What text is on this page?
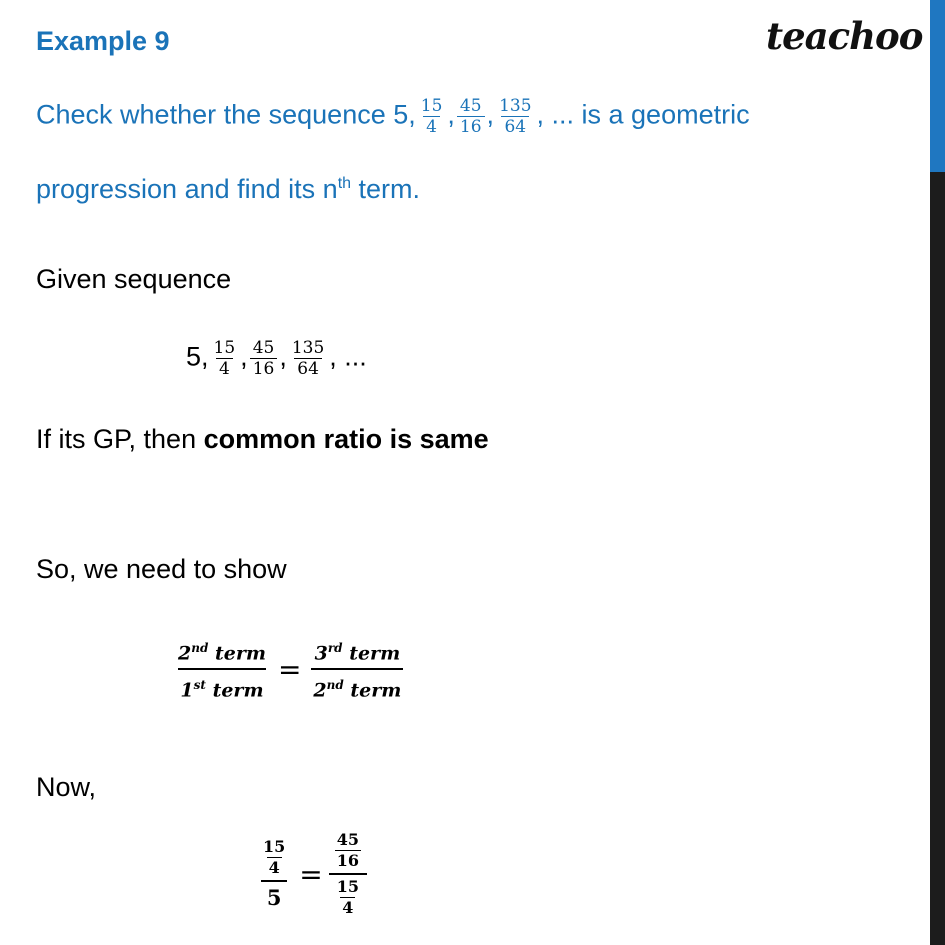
Example 9	teachoo
Check whether the sequence 5, $\frac{15}{4}$ , $\frac{45}{16}$ , $\frac{135}{64}$ , ... is a geometric
progression and find its $n^{th}$ term.
Given sequence
5, $\frac{15}{4}$ , $\frac{45}{16}$ , $\frac{135}{64}$ , ...
If its GP, then common ratio is same
So, we need to show
2nd term
1st term
= 3rd term
2nd term
Now,
$\frac{15}{4}$
5
= $\frac{\frac{45}{16}}{\frac{15}{4}}$
